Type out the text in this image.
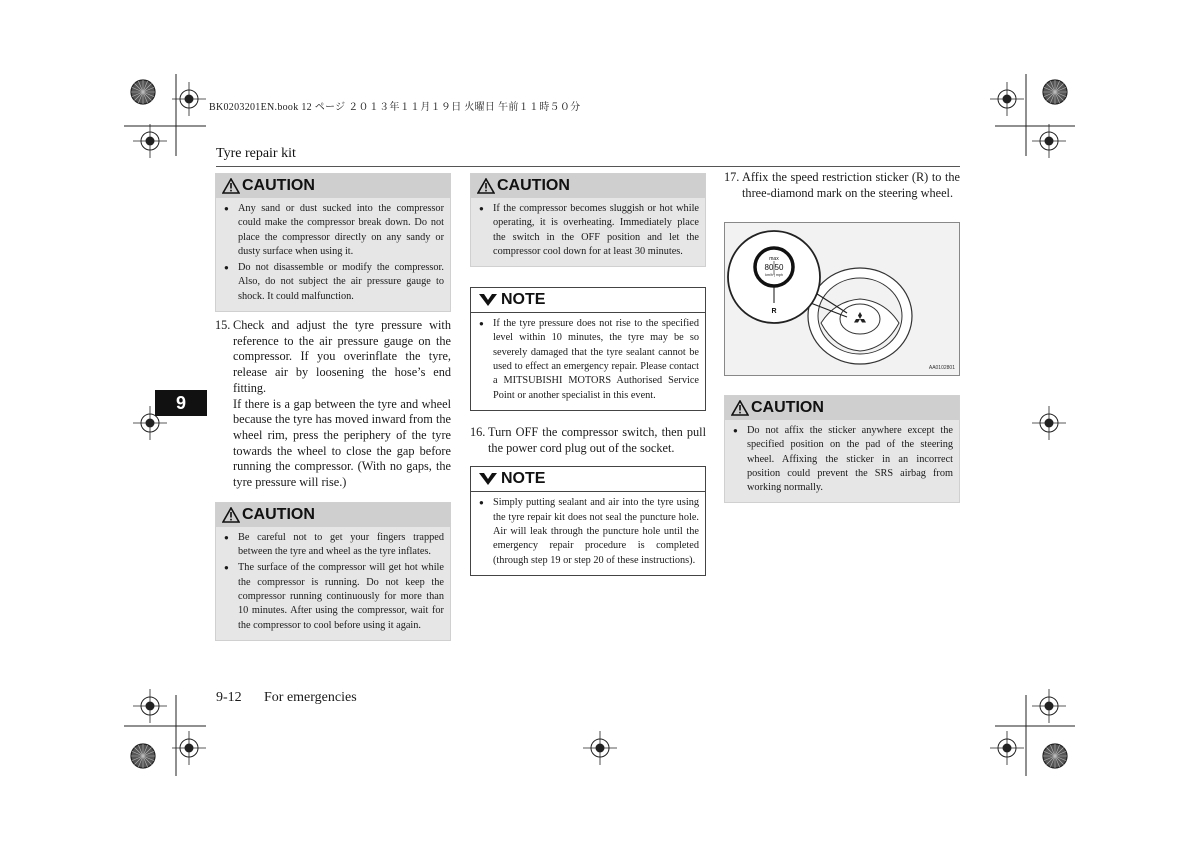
BK0203201EN.book 12 ページ ２０１３年１１月１９日 火曜日 午前１１時５０分
Tyre repair kit
9
CAUTION
● Any sand or dust sucked into the compressor could make the compressor break down. Do not place the compressor directly on any sandy or dusty surface when using it.
● Do not disassemble or modify the compressor. Also, do not subject the air pressure gauge to shock. It could malfunction.
15. Check and adjust the tyre pressure with reference to the air pressure gauge on the compressor. If you overinflate the tyre, release air by loosening the hose’s end fitting.

If there is a gap between the tyre and wheel because the tyre has moved inward from the wheel rim, press the periphery of the tyre towards the wheel to close the gap before running the compressor. (With no gaps, the tyre pressure will rise.)

CAUTION
● Be careful not to get your fingers trapped between the tyre and wheel as the tyre inflates.
● The surface of the compressor will get hot while the compressor is running. Do not keep the compressor running continuously for more than 10 minutes. After using the compressor, wait for the compressor to cool before using it again.
CAUTION
● If the compressor becomes sluggish or hot while operating, it is overheating. Immediately place the switch in the OFF position and let the compressor cool down for at least 30 minutes.
NOTE
● If the tyre pressure does not rise to the specified level within 10 minutes, the tyre may be so severely damaged that the tyre sealant cannot be used to effect an emergency repair. Please contact a MITSUBISHI MOTORS Authorised Service Point or another specialist in this event.
16. Turn OFF the compressor switch, then pull the power cord plug out of the socket.

NOTE
● Simply putting sealant and air into the tyre using the tyre repair kit does not seal the puncture hole. Air will leak through the puncture hole until the emergency repair procedure is completed (through step 19 or step 20 of these instructions).
17. Affix the speed restriction sticker (R) to the three-diamond mark on the steering wheel.

max
80 50
km/h | mph
R
AA0102801
CAUTION
● Do not affix the sticker anywhere except the specified position on the pad of the steering wheel. Affixing the sticker in an incorrect position could prevent the SRS airbag from working normally.
9-12 For emergencies
